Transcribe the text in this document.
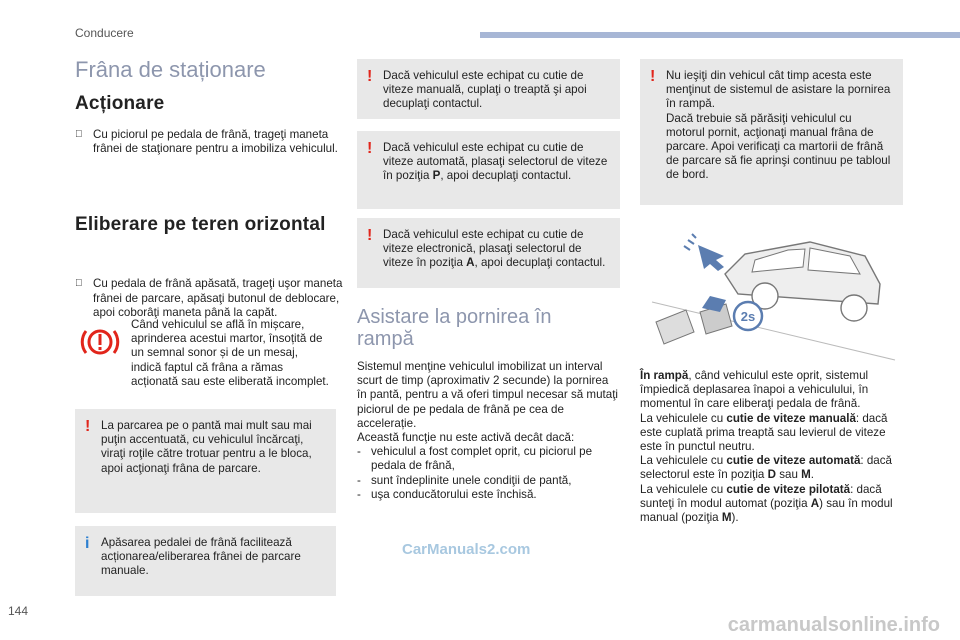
Conducere
Frâna de staționare
Acționare
Cu piciorul pe pedala de frână, trageţi maneta frânei de staţionare pentru a imobiliza vehiculul.
Eliberare pe teren orizontal
Cu pedala de frână apăsată, trageţi uşor maneta frânei de parcare, apăsaţi butonul de deblocare, apoi coborâţi maneta până la capăt.
Când vehiculul se află în mișcare, aprinderea acestui martor, însoțită de un semnal sonor și de un mesaj, indică faptul că frâna a rămas acționată sau este eliberată incomplet.
! La parcarea pe o pantă mai mult sau mai puţin accentuată, cu vehiculul încărcaţi, viraţi roţile către trotuar pentru a le bloca, apoi acţionaţi frâna de parcare.
i Apăsarea pedalei de frână facilitează acționarea/eliberarea frânei de parcare manuale.
! Dacă vehiculul este echipat cu cutie de viteze manuală, cuplaţi o treaptă şi apoi decuplaţi contactul.
! Dacă vehiculul este echipat cu cutie de viteze automată, plasaţi selectorul de viteze în poziţia P, apoi decuplaţi contactul.
! Dacă vehiculul este echipat cu cutie de viteze electronică, plasaţi selectorul de viteze în poziţia A, apoi decuplaţi contactul.
Asistare la pornirea în rampă
Sistemul menţine vehiculul imobilizat un interval scurt de timp (aproximativ 2 secunde) la pornirea în pantă, pentru a vă oferi timpul necesar să mutaţi piciorul de pe pedala de frână pe cea de accelerație.
Această funcţie nu este activă decât dacă:
- vehiculul a fost complet oprit, cu piciorul pe pedala de frână,
- sunt îndeplinite unele condiţii de pantă,
- uşa conducătorului este închisă.
CarManuals2.com
! Nu ieşiţi din vehicul cât timp acesta este menţinut de sistemul de asistare la pornirea în rampă.
Dacă trebuie să părăsiţi vehiculul cu motorul pornit, acţionaţi manual frâna de parcare. Apoi verificaţi ca martorii de frână de parcare să fie aprinşi continuu pe tabloul de bord.
2s
În rampă, când vehiculul este oprit, sistemul împiedică deplasarea înapoi a vehiculului, în momentul în care eliberaţi pedala de frână.
La vehiculele cu cutie de viteze manuală: dacă este cuplată prima treaptă sau levierul de viteze este în punctul neutru.
La vehiculele cu cutie de viteze automată: dacă selectorul este în poziţia D sau M.
La vehiculele cu cutie de viteze pilotată: dacă sunteţi în modul automat (poziţia A) sau în modul manual (poziţia M).
144
carmanualsonline.info
